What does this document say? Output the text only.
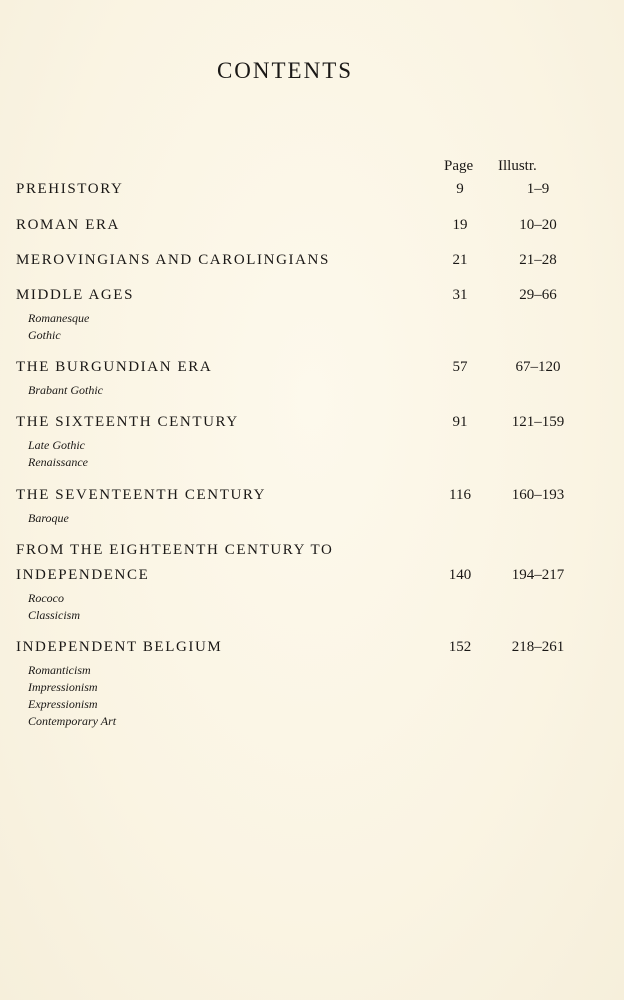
CONTENTS
Page Illustr.
PREHISTORY	9	1–9
ROMAN ERA	19	10–20
MEROVINGIANS AND CAROLINGIANS	21	21–28
MIDDLE AGES	31	29–66
Romanesque
Gothic
THE BURGUNDIAN ERA	57	67–120
Brabant Gothic
THE SIXTEENTH CENTURY	91	121–159
Late Gothic
Renaissance
THE SEVENTEENTH CENTURY	116	160–193
Baroque
FROM THE EIGHTEENTH CENTURY TO
INDEPENDENCE	140	194–217
Rococo
Classicism
INDEPENDENT BELGIUM	152	218–261
Romanticism
Impressionism
Expressionism
Contemporary Art
